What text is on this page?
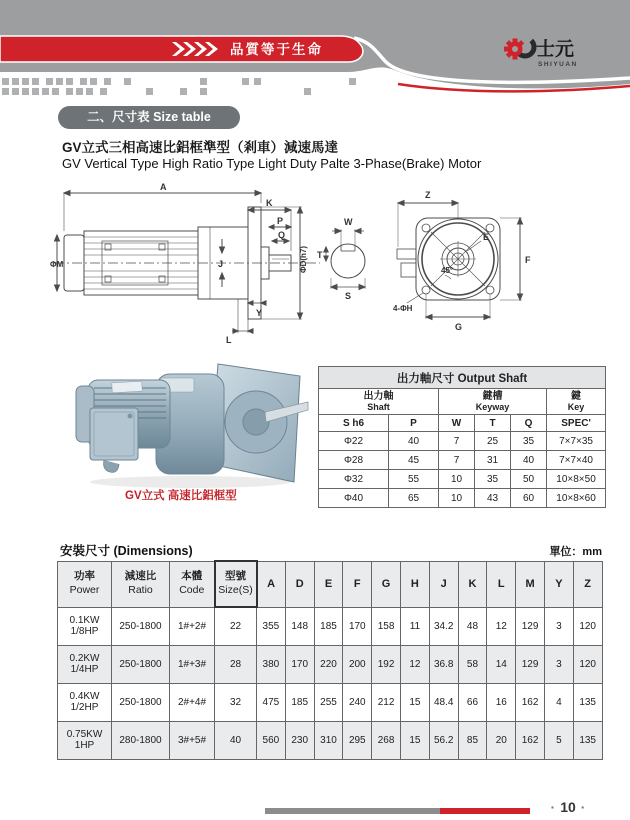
品質等于生命	士元
SHIYUAN
二、尺寸表 Size table
GV立式三相高速比鋁框準型（剎車）減速馬達
GV Vertical Type High Ratio Type Light Duty Palte 3-Phase(Brake) Motor
A
K
P
Q
ΦD(h7)
ΦM	J
L
Y
W
T
S
Z
F
G
E
45°
4-ΦH
GV立式 高速比鋁框型
出力軸尺寸 Output Shaft					

出力軸
Shaft

鍵槽
Keyway

鍵
Key

S h6	P	W	T	Q	SPEC'
Φ22	40	7	25	35	7×7×35
Φ28	45	7	31	40	7×7×40
Φ32	55	10	35	50	10×8×50
Φ40	65	10	43	60	10×8×60
安裝尺寸 (Dimensions)	單位：mm
功率
Power

減速比
Ratio

本體
Code

型號
Size(S)
	A	D	E	F	G	H	J	K	L	M	Y	Z

0.1KW
1/8HP	250-1800	1#+2#	22	355	148	185	170	158	11	34.2	48	12	129	3	120

0.2KW
1/4HP	250-1800	1#+3#	28	380	170	220	200	192	12	36.8	58	14	129	3	120

0.4KW
1/2HP	250-1800	2#+4#	32	475	185	255	240	212	15	48.4	66	16	162	4	135

0.75KW
1HP	280-1800	3#+5#	40	560	230	310	295	268	15	56.2	85	20	162	5	135
· 10 ·
